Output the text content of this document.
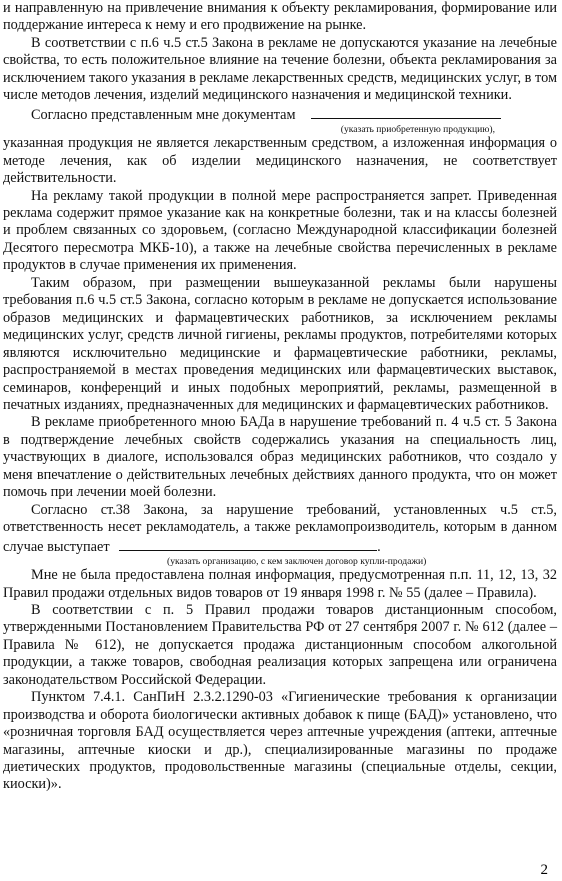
и направленную на привлечение внимания к объекту рекламирования, формирование или поддержание интереса к нему и его продвижение на рынке.

В соответствии с п.6 ч.5 ст.5 Закона в рекламе не допускаются указание на лечебные свойства, то есть положительное влияние на течение болезни, объекта рекламирования за исключением такого указания в рекламе лекарственных средств, медицинских услуг, в том числе методов лечения, изделий медицинского назначения и медицинской техники.

Согласно представленным мне документам

(указать приобретенную продукцию),

указанная продукция не является лекарственным средством, а изложенная информация о методе лечения, как об изделии медицинского назначения, не соответствует действительности.

На рекламу такой продукции в полной мере распространяется запрет. Приведенная реклама содержит прямое указание как на конкретные болезни, так и на классы болезней и проблем связанных со здоровьем, (согласно Международной классификации болезней Десятого пересмотра МКБ-10), а также на лечебные свойства перечисленных в рекламе продуктов в случае применения их применения.

Таким образом, при размещении вышеуказанной рекламы были нарушены требования п.6 ч.5 ст.5 Закона, согласно которым в рекламе не допускается использование образов медицинских и фармацевтических работников, за исключением рекламы медицинских услуг, средств личной гигиены, рекламы продуктов, потребителями которых являются исключительно медицинские и фармацевтические работники, рекламы, распространяемой в местах проведения медицинских или фармацевтических выставок, семинаров, конференций и иных подобных мероприятий, рекламы, размещенной в печатных изданиях, предназначенных для медицинских и фармацевтических работников.

В рекламе приобретенного мною БАДа в нарушение требований п. 4 ч.5 ст. 5 Закона в подтверждение лечебных свойств содержались указания на специальность лиц, участвующих в диалоге, использовался образ медицинских работников, что создало у меня впечатление о действительных лечебных действиях данного продукта, что он может помочь при лечении моей болезни.

Согласно ст.38 Закона, за нарушение требований, установленных ч.5 ст.5, ответственность несет рекламодатель, а также рекламопроизводитель, которым в данном случае выступает	.

(указать организацию, с кем заключен договор купли-продажи)

Мне не была предоставлена полная информация, предусмотренная п.п. 11, 12, 13, 32 Правил продажи отдельных видов товаров от 19 января 1998 г. № 55 (далее – Правила).

В соответствии с п. 5 Правил продажи товаров дистанционным способом, утвержденными Постановлением Правительства РФ от 27 сентября 2007 г. № 612 (далее – Правила № 612), не допускается продажа дистанционным способом алкогольной продукции, а также товаров, свободная реализация которых запрещена или ограничена законодательством Российской Федерации.

Пунктом 7.4.1. СанПиН 2.3.2.1290-03 «Гигиенические требования к организации производства и оборота биологически активных добавок к пище (БАД)» установлено, что «розничная торговля БАД осуществляется через аптечные учреждения (аптеки, аптечные магазины, аптечные киоски и др.), специализированные магазины по продаже диетических продуктов, продовольственные магазины (специальные отделы, секции, киоски)».

2
